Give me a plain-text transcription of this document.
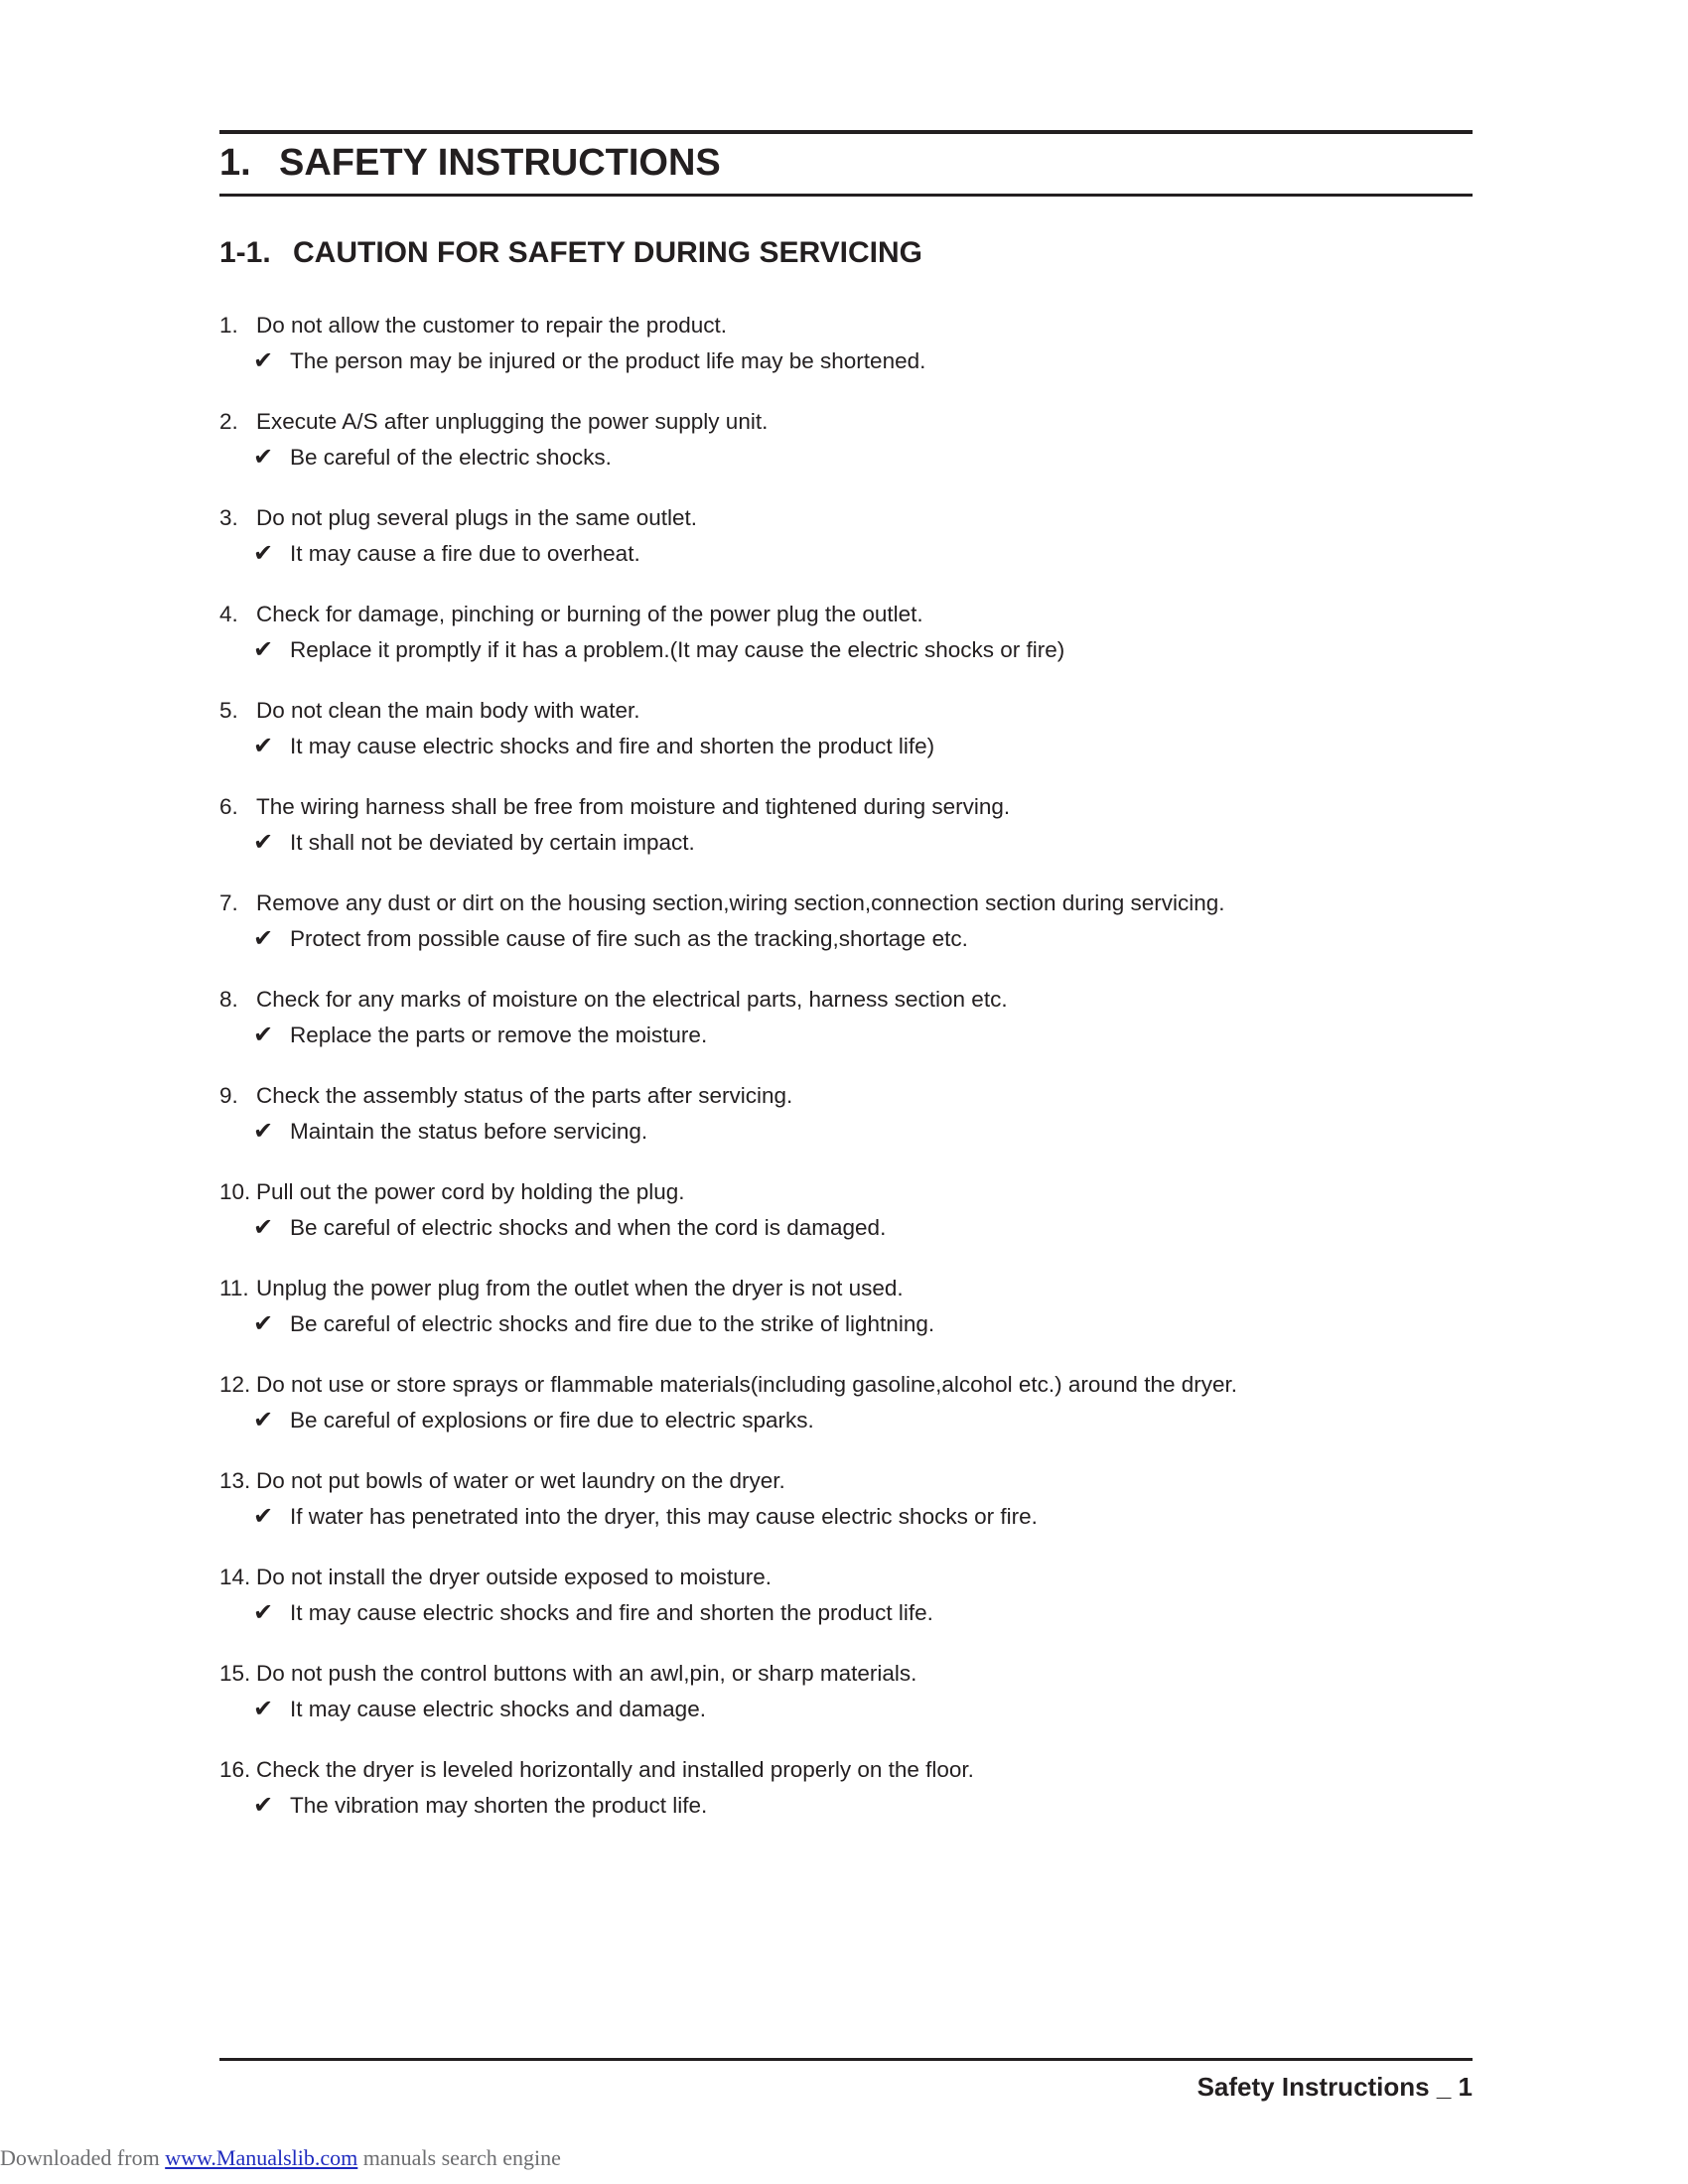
1. SAFETY INSTRUCTIONS
1-1. CAUTION FOR SAFETY DURING SERVICING
1. Do not allow the customer to repair the product.
✔ The person may be injured or the product life may be shortened.
2. Execute A/S after unplugging the power supply unit.
✔ Be careful of the electric shocks.
3. Do not plug several plugs in the same outlet.
✔ It may cause a fire due to overheat.
4. Check for damage, pinching or burning of the power plug the outlet.
✔ Replace it promptly if it has a problem.(It may cause the electric shocks or fire)
5. Do not clean the main body with water.
✔ It may cause electric shocks and fire and shorten the product life)
6. The wiring harness shall be free from moisture and tightened during serving.
✔ It shall not be deviated by certain impact.
7. Remove any dust or dirt on the housing section,wiring section,connection section during servicing.
✔ Protect from possible cause of fire such as the tracking,shortage etc.
8. Check for any marks of moisture on the electrical parts, harness section etc.
✔ Replace the parts or remove the moisture.
9. Check the assembly status of the parts after servicing.
✔ Maintain the status before servicing.
10. Pull out the power cord by holding the plug.
✔ Be careful of electric shocks and when the cord is damaged.
11. Unplug the power plug from the outlet when the dryer is not used.
✔ Be careful of electric shocks and fire due to the strike of lightning.
12. Do not use or store sprays or flammable materials(including gasoline,alcohol etc.) around the dryer.
✔ Be careful of explosions or fire due to electric sparks.
13. Do not put bowls of water or wet laundry on the dryer.
✔ If water has penetrated into the dryer, this may cause electric shocks or fire.
14. Do not install the dryer outside exposed to moisture.
✔ It may cause electric shocks and fire and shorten the product life.
15. Do not push the control buttons with an awl,pin, or sharp materials.
✔ It may cause electric shocks and damage.
16. Check the dryer is leveled horizontally and installed properly on the floor.
✔ The vibration may shorten the product life.
Safety Instructions _ 1
Downloaded from www.Manualslib.com manuals search engine
